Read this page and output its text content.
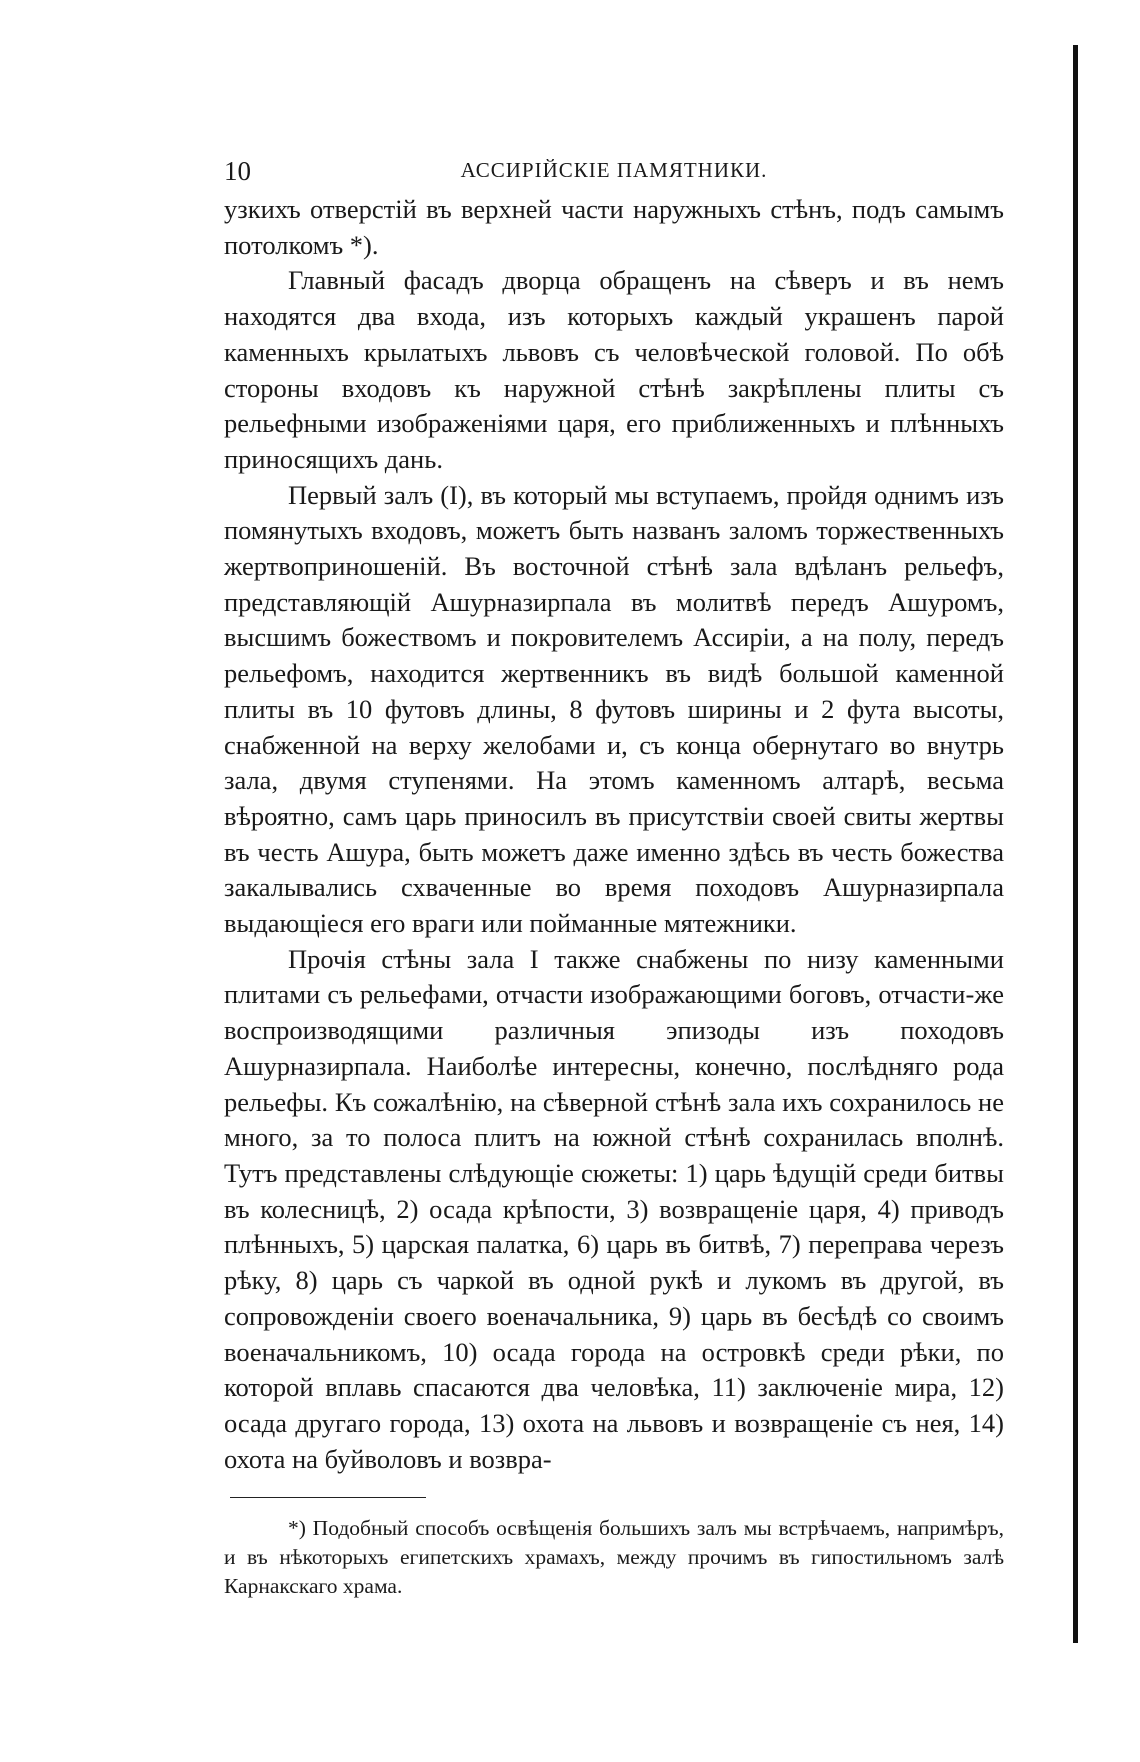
10	АССИРІЙСКІЕ ПАМЯТНИКИ.

узкихъ отверстій въ верхней части наружныхъ стѣнъ, подъ самымъ потолкомъ *).

Главный фасадъ дворца обращенъ на сѣверъ и въ немъ находятся два входа, изъ которыхъ каждый украшенъ парой каменныхъ крылатыхъ львовъ съ человѣческой головой. По обѣ стороны входовъ къ наружной стѣнѣ закрѣплены плиты съ рельефными изображеніями царя, его приближенныхъ и плѣнныхъ приносящихъ дань.

Первый залъ (I), въ который мы вступаемъ, пройдя однимъ изъ помянутыхъ входовъ, можетъ быть названъ заломъ торжественныхъ жертвоприношеній. Въ восточной стѣнѣ зала вдѣланъ рельефъ, представляющій Ашурназирпала въ молитвѣ передъ Ашуромъ, высшимъ божествомъ и покровителемъ Ассиріи, а на полу, передъ рельефомъ, находится жертвенникъ въ видѣ большой каменной плиты въ 10 футовъ длины, 8 футовъ ширины и 2 фута высоты, снабженной на верху желобами и, съ конца обернутаго во внутрь зала, двумя ступенями. На этомъ каменномъ алтарѣ, весьма вѣроятно, самъ царь приносилъ въ присутствіи своей свиты жертвы въ честь Ашура, быть можетъ даже именно здѣсь въ честь божества закалывались схваченные во время походовъ Ашурназирпала выдающіеся его враги или пойманные мятежники.

Прочія стѣны зала I также снабжены по низу каменными плитами съ рельефами, отчасти изображающими боговъ, отчасти-же воспроизводящими различныя эпизоды изъ походовъ Ашурназирпала. Наиболѣе интересны, конечно, послѣдняго рода рельефы. Къ сожалѣнію, на сѣверной стѣнѣ зала ихъ сохранилось не много, за то полоса плитъ на южной стѣнѣ сохранилась вполнѣ. Тутъ представлены слѣдующіе сюжеты: 1) царь ѣдущій среди битвы въ колесницѣ, 2) осада крѣпости, 3) возвращеніе царя, 4) приводъ плѣнныхъ, 5) царская палатка, 6) царь въ битвѣ, 7) переправа черезъ рѣку, 8) царь съ чаркой въ одной рукѣ и лукомъ въ другой, въ сопровожденіи своего военачальника, 9) царь въ бесѣдѣ со своимъ военачальникомъ, 10) осада города на островкѣ среди рѣки, по которой вплавь спасаются два человѣка, 11) заключеніе мира, 12) осада другаго города, 13) охота на львовъ и возвращеніе съ нея, 14) охота на буйволовъ и возвра-

*) Подобный способъ освѣщенія большихъ залъ мы встрѣчаемъ, напримѣръ, и въ нѣкоторыхъ египетскихъ храмахъ, между прочимъ въ гипостильномъ залѣ Карнакскаго храма.
